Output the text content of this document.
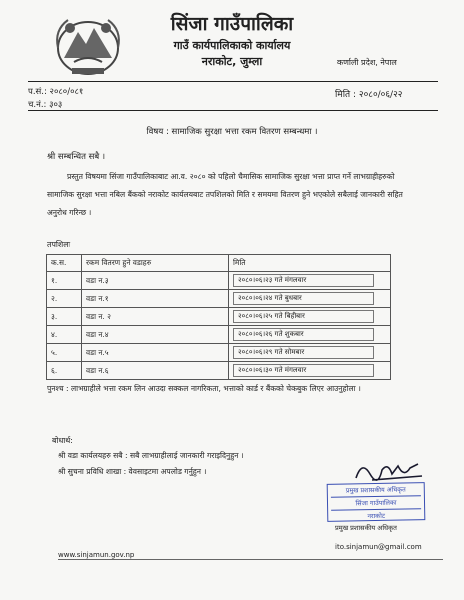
सिंजा गाउँपालिका
गाउँ कार्यपालिकाको कार्यालय
नराकोट, जुम्ला	कर्णाली प्रदेश, नेपाल
प.सं.: २०८०/०८१
च.नं.: ३०३
मिति : २०८०/०६/२२
विषय : सामाजिक सुरक्षा भत्ता रकम वितरण सम्बन्धमा ।
श्री सम्बन्धित सबै ।
प्रस्तुत विषयमा सिंजा गाउँपालिकाबाट आ.व. २०८० को पहिलो चैमासिक सामाजिक सुरक्षा भत्ता प्राप्त गर्ने लाभग्राहीहरुको सामाजिक सुरक्षा भत्ता नबिल बैंकको नराकोट कार्यलयबाट तपशिलको मिति र समयमा वितरण हुने भएकोले सबैलाई जानकारी सहित अनुरोध गरिन्छ ।
तपशिलः
क.स.	रकम वितरण हुने वडाहरु	मिति
१.	वडा न.३	२०८०।०६।२३ गते मंगलवार

२.	वडा न.१	२०८०।०६।२४ गते बुधबार

३.	वडा न. २	२०८०।०६।२५ गते बिहीबार

४.	वडा न.४	२०८०।०६।२६ गते शुकबार

५.	वडा न.५	२०८०।०६।२९ गते सोमबार

६.	वडा न.६	२०८०।०६।३० गते मंगलवार
पुनश्च : लाभग्राहीले भत्ता रकम लिन आउदा सक्कल नागरिकता, भत्ताको कार्ड र बैंकको चेकबुक लिएर आउनुहोला ।
बोधार्थ:
श्री वडा कार्यलयहरु सबै : सबै लाभग्राहीलाई जानकारी गराइदिनुहुन ।
श्री सुचना प्रविधि शाखा : वेवसाइटमा अपलोड गर्नुहुन ।
प्रमुख प्रशासकीय अधिकृत
सिंजा गाउँपालिका
नराकोट
प्रमुख प्रशासकीय अधिकृत
ito.sinjamun@gmail.com
www.sinjamun.gov.np
